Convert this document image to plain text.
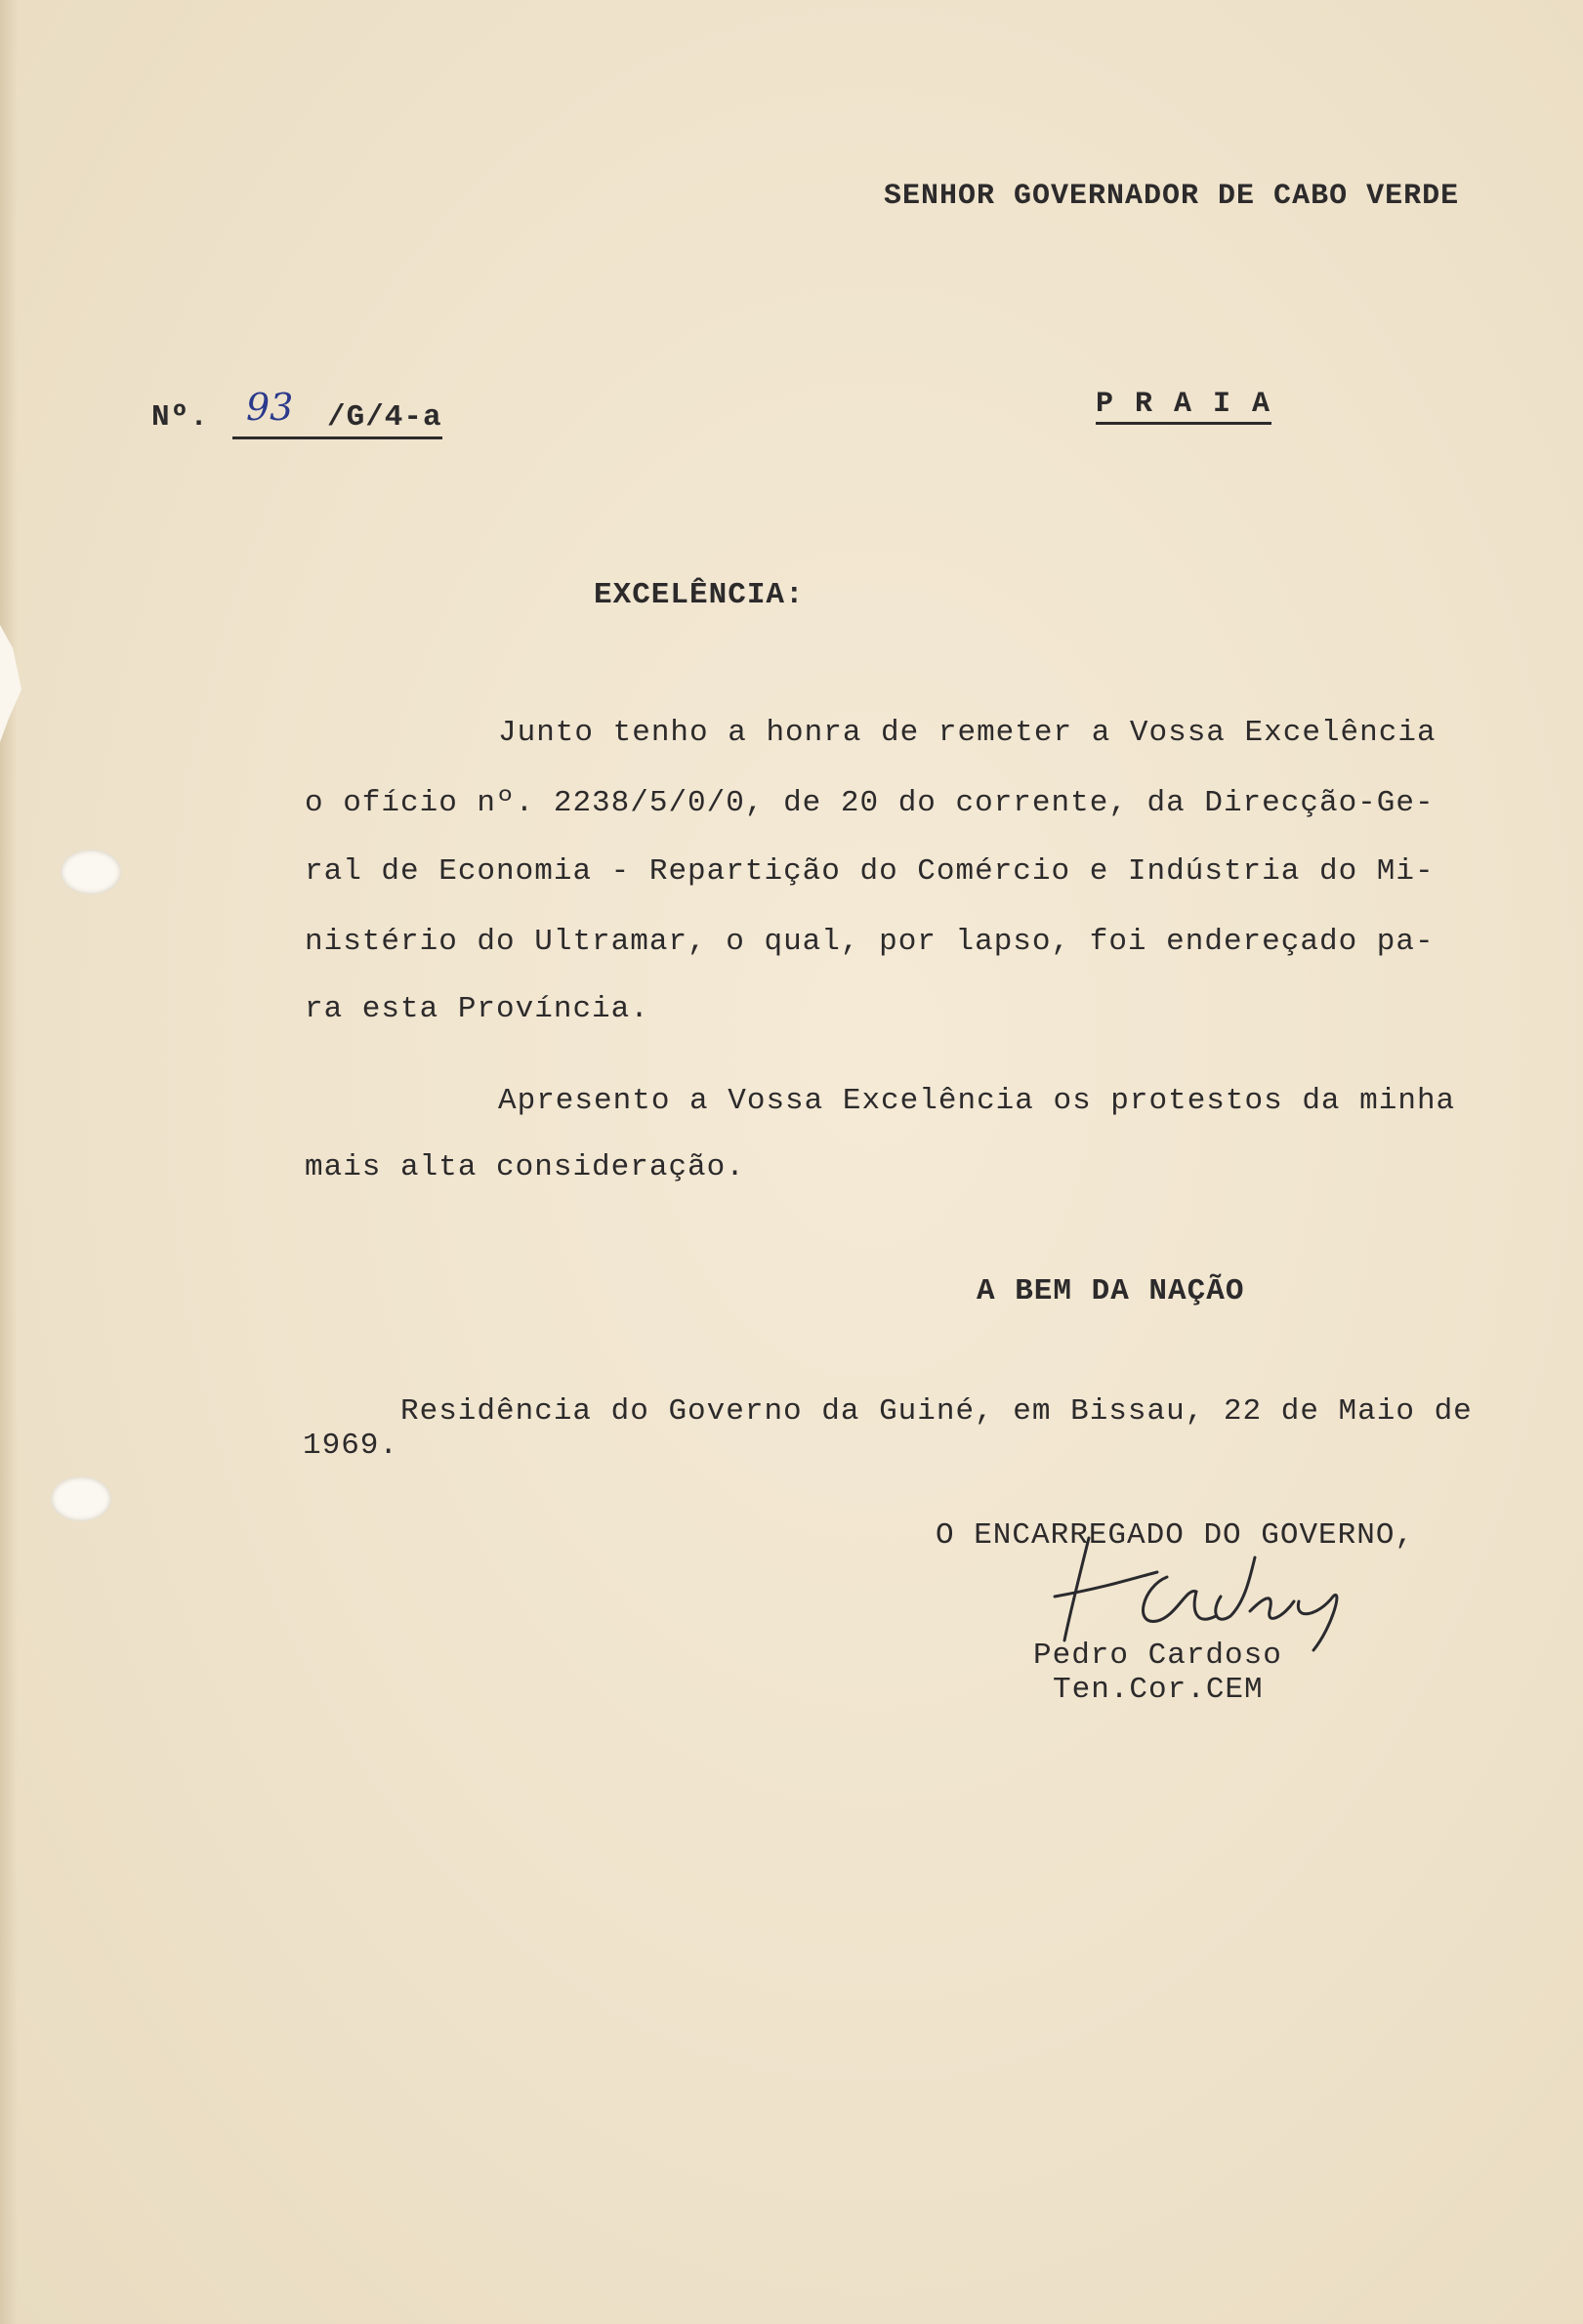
SENHOR GOVERNADOR DE CABO VERDE

Nº. 93 /G/4-a	P R A I A

EXCELÊNCIA:

Junto tenho a honra de remeter a Vossa Excelência

o ofício nº. 2238/5/0/0, de 20 do corrente, da Direcção-Ge-

ral de Economia - Repartição do Comércio e Indústria do Mi-

nistério do Ultramar, o qual, por lapso, foi endereçado pa-

ra esta Província.

Apresento a Vossa Excelência os protestos da minha

mais alta consideração.

A BEM DA NAÇÃO

Residência do Governo da Guiné, em Bissau, 22 de Maio de

1969.

O ENCARREGADO DO GOVERNO,

Pedro Cardoso

Ten.Cor.CEM
